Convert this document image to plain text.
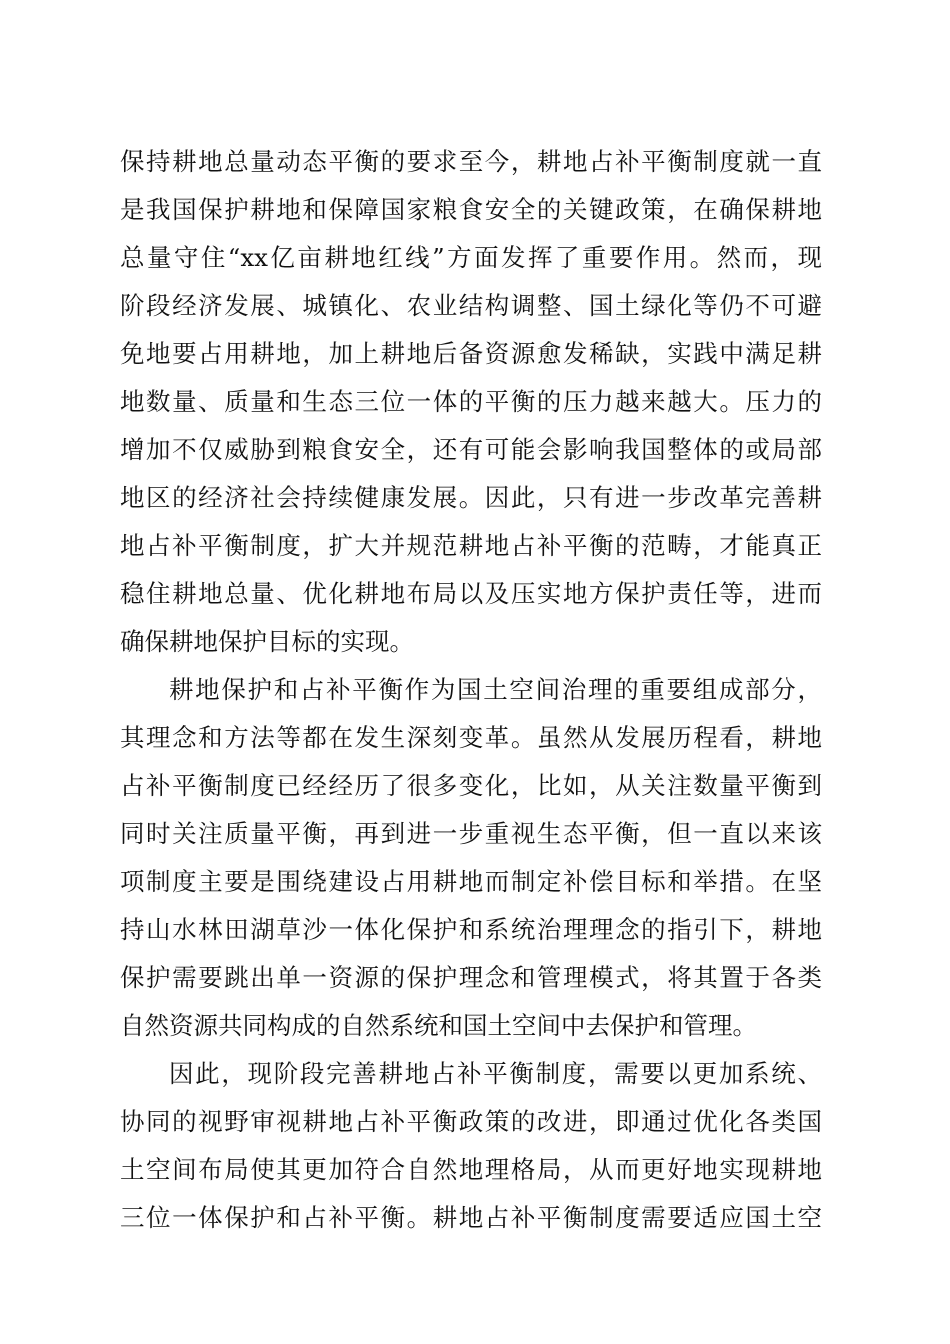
保持耕地总量动态平衡的要求至今，耕地占补平衡制度就一直
是我国保护耕地和保障国家粮食安全的关键政策，在确保耕地
总量守住“xx亿亩耕地红线”方面发挥了重要作用。然而，现
阶段经济发展、城镇化、农业结构调整、国土绿化等仍不可避
免地要占用耕地，加上耕地后备资源愈发稀缺，实践中满足耕
地数量、质量和生态三位一体的平衡的压力越来越大。压力的
增加不仅威胁到粮食安全，还有可能会影响我国整体的或局部
地区的经济社会持续健康发展。因此，只有进一步改革完善耕
地占补平衡制度，扩大并规范耕地占补平衡的范畴，才能真正
稳住耕地总量、优化耕地布局以及压实地方保护责任等，进而
确保耕地保护目标的实现。
耕地保护和占补平衡作为国土空间治理的重要组成部分，
其理念和方法等都在发生深刻变革。虽然从发展历程看，耕地
占补平衡制度已经经历了很多变化，比如，从关注数量平衡到
同时关注质量平衡，再到进一步重视生态平衡，但一直以来该
项制度主要是围绕建设占用耕地而制定补偿目标和举措。在坚
持山水林田湖草沙一体化保护和系统治理理念的指引下，耕地
保护需要跳出单一资源的保护理念和管理模式，将其置于各类
自然资源共同构成的自然系统和国土空间中去保护和管理。
因此，现阶段完善耕地占补平衡制度，需要以更加系统、
协同的视野审视耕地占补平衡政策的改进，即通过优化各类国
土空间布局使其更加符合自然地理格局，从而更好地实现耕地
三位一体保护和占补平衡。耕地占补平衡制度需要适应国土空
